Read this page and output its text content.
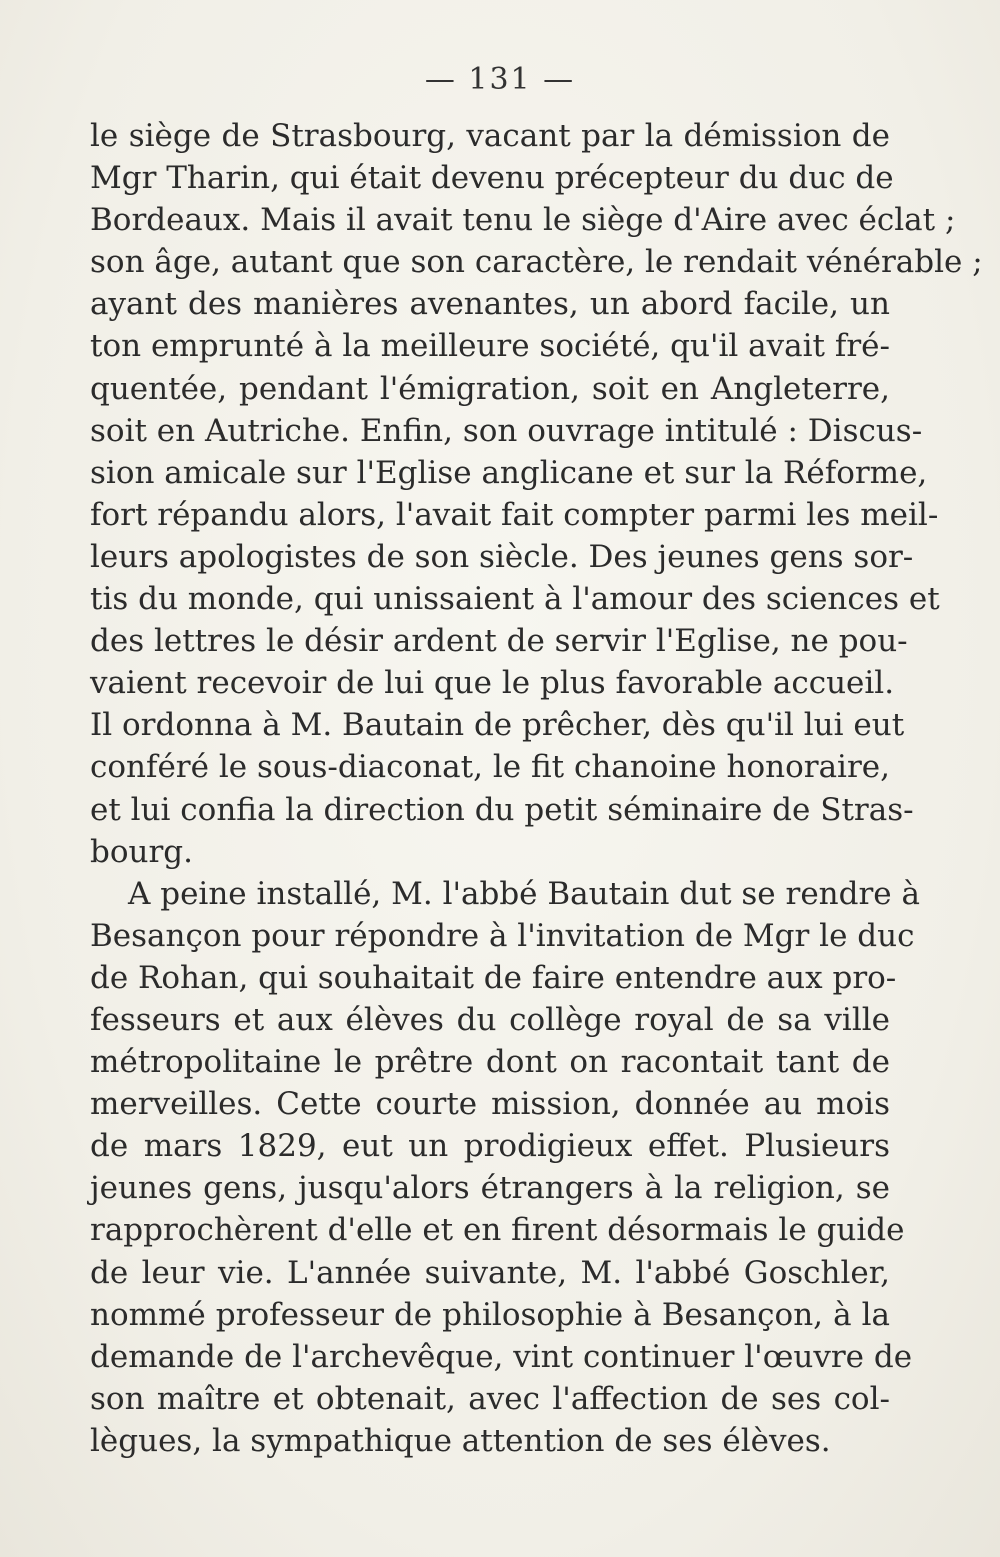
— 131 —
le siège de Strasbourg, vacant par la démission de
Mgr Tharin, qui était devenu précepteur du duc de
Bordeaux. Mais il avait tenu le siège d'Aire avec éclat ;
son âge, autant que son caractère, le rendait vénérable ;
ayant des manières avenantes, un abord facile, un
ton emprunté à la meilleure société, qu'il avait fré-
quentée, pendant l'émigration, soit en Angleterre,
soit en Autriche. Enfin, son ouvrage intitulé : Discus-
sion amicale sur l'Eglise anglicane et sur la Réforme,
fort répandu alors, l'avait fait compter parmi les meil-
leurs apologistes de son siècle. Des jeunes gens sor-
tis du monde, qui unissaient à l'amour des sciences et
des lettres le désir ardent de servir l'Eglise, ne pou-
vaient recevoir de lui que le plus favorable accueil.
Il ordonna à M. Bautain de prêcher, dès qu'il lui eut
conféré le sous-diaconat, le fit chanoine honoraire,
et lui confia la direction du petit séminaire de Stras-
bourg.
A peine installé, M. l'abbé Bautain dut se rendre à
Besançon pour répondre à l'invitation de Mgr le duc
de Rohan, qui souhaitait de faire entendre aux pro-
fesseurs et aux élèves du collège royal de sa ville
métropolitaine le prêtre dont on racontait tant de
merveilles. Cette courte mission, donnée au mois
de mars 1829, eut un prodigieux effet. Plusieurs
jeunes gens, jusqu'alors étrangers à la religion, se
rapprochèrent d'elle et en firent désormais le guide
de leur vie. L'année suivante, M. l'abbé Goschler,
nommé professeur de philosophie à Besançon, à la
demande de l'archevêque, vint continuer l'œuvre de
son maître et obtenait, avec l'affection de ses col-
lègues, la sympathique attention de ses élèves.
